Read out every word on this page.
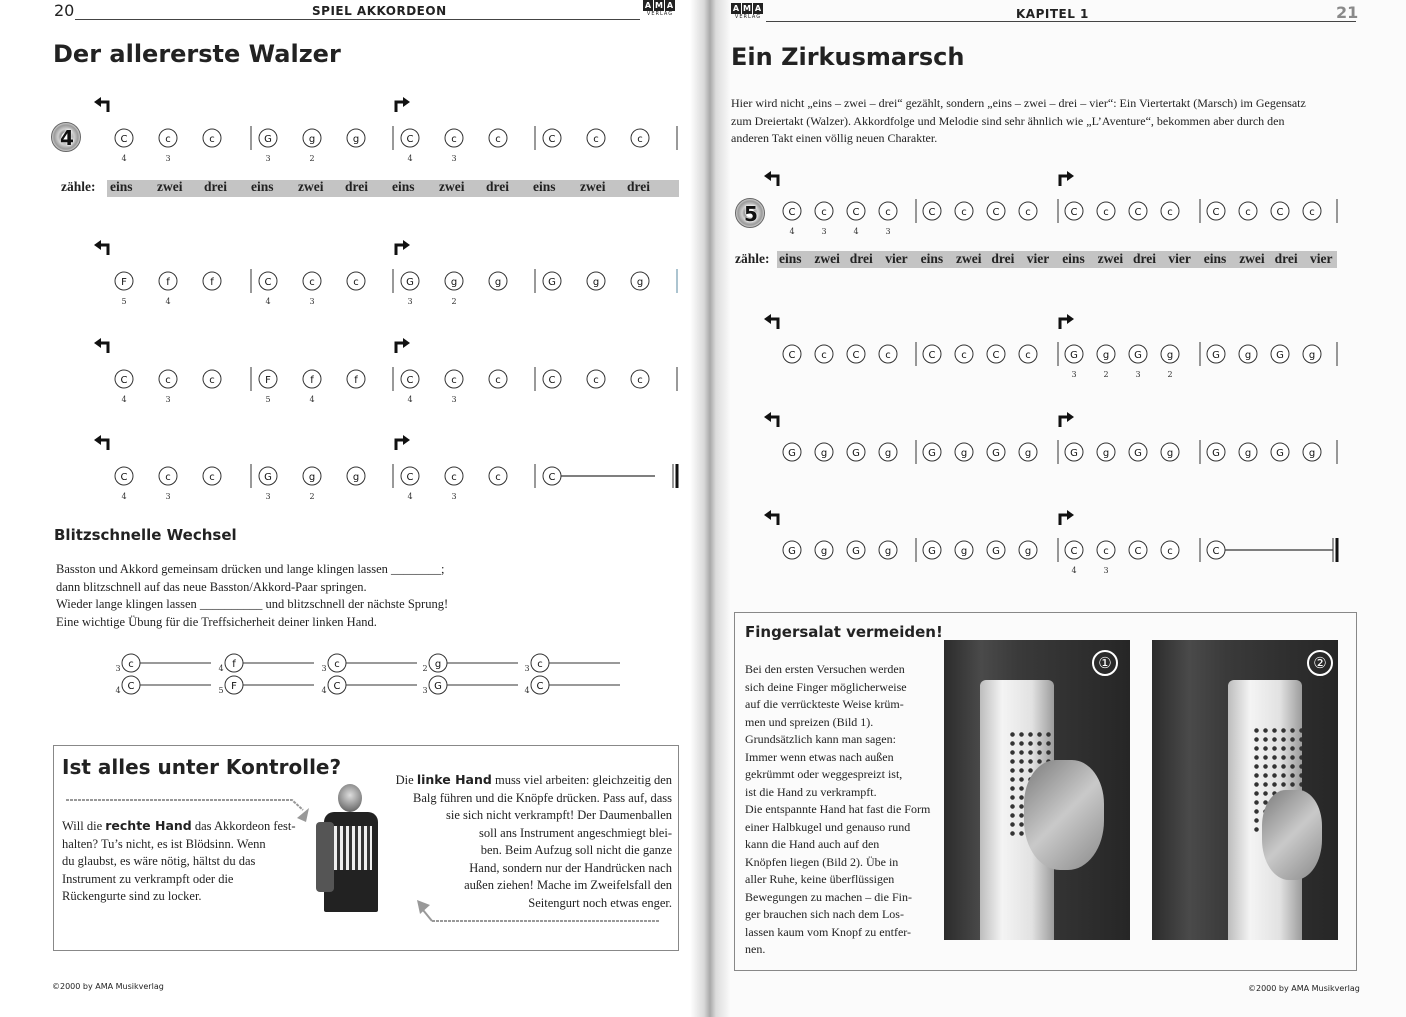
20	SPIEL AKKORDEON	A M A
VERLAG
Der allererste Walzer
4	C
4
c
3
c	G
3
g
2
g	C
4
c
3
c	C	c	c
F
5
f
4
f	C
4
c
3
c	G
3
g
2
g	G	g	g
C
4
c
3
c	F
5
f
4
f	C
4
c
3
c	C	c	c
C
4
c
3
c	G
3
g
2
g	C
4
c
3
c	C
c
C
3
4
f
F
4
5
c
C
3
4
g
G
2
3
c
C
3
4
zähle: eins zwei drei eins zwei drei eins zwei drei eins zwei drei
Blitzschnelle Wechsel
Basston und Akkord gemeinsam drücken und lange klingen lassen ________;
dann blitzschnell auf das neue Basston/Akkord-Paar springen.
Wieder lange klingen lassen __________ und blitzschnell der nächste Sprung!
Eine wichtige Übung für die Treffsicherheit deiner linken Hand.
Ist alles unter Kontrolle?
Will die rechte Hand das Akkordeon fest-
halten? Tu’s nicht, es ist Blödsinn. Wenn
du glaubst, es wäre nötig, hältst du das
Instrument zu verkrampft oder die
Rückengurte sind zu locker.
Die linke Hand muss viel arbeiten: gleichzeitig den
Balg führen und die Knöpfe drücken. Pass auf, dass
sie sich nicht verkrampft! Der Daumenballen
soll ans Instrument angeschmiegt blei-
ben. Beim Aufzug soll nicht die ganze
Hand, sondern nur der Handrücken nach
außen ziehen! Mache im Zweifelsfall den
Seitengurt noch etwas enger.
©2000 by AMA Musikverlag
A M A
VERLAG	KAPITEL 1	21
Ein Zirkusmarsch
Hier wird nicht „eins – zwei – drei“ gezählt, sondern „eins – zwei – drei – vier“: Ein Viertertakt (Marsch) im Gegensatz
zum Dreiertakt (Walzer). Akkordfolge und Melodie sind sehr ähnlich wie „L’Aventure“, bekommen aber durch den
anderen Takt einen völlig neuen Charakter.
5	C
4
c
3
C
4
c
3
C	c	C	c	C	c	C	c	C	c	C	c
C	c	C	c	C	c	C	c	G
3
g
2
G
3
g
2
G g G g
G g G g	G g G g	G g G g	G g G g
G g G g	G g G g	C
4
c
3
C	c	C
zähle: eins zwei drei vier eins zwei drei vier eins zwei drei vier eins zwei drei vier
Fingersalat vermeiden!
Bei den ersten Versuchen werden
sich deine Finger möglicherweise
auf die verrückteste Weise krüm-
men und spreizen (Bild 1).
Grundsätzlich kann man sagen:
Immer wenn etwas nach außen
gekrümmt oder weggespreizt ist,
ist die Hand zu verkrampft.
Die entspannte Hand hat fast die Form
einer Halbkugel und genauso rund
kann die Hand auch auf den
Knöpfen liegen (Bild 2). Übe in
aller Ruhe, keine überflüssigen
Bewegungen zu machen – die Fin-
ger brauchen sich nach dem Los-
lassen kaum vom Knopf zu entfer-
nen.
①	②
©2000 by AMA Musikverlag
